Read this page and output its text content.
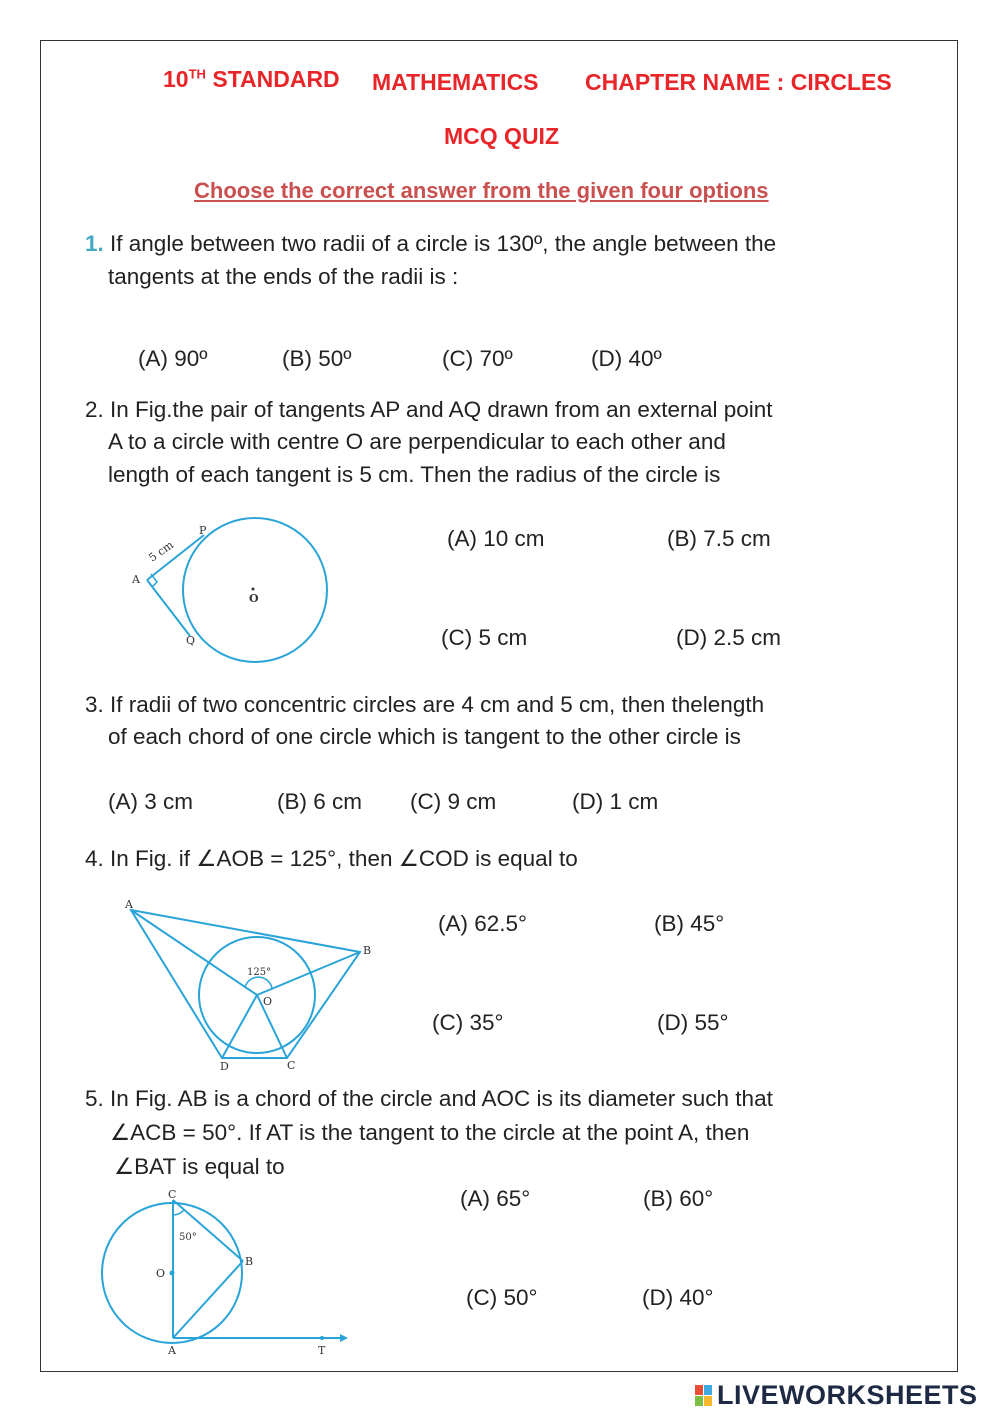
10TH STANDARD MATHEMATICS CHAPTER NAME : CIRCLES
MCQ QUIZ
Choose the correct answer from the given four options
1. If angle between two radii of a circle is 130º, the angle between the
tangents at the ends of the radii is :
(A) 90º	(B) 50º	(C) 70º	(D) 40º
2. In Fig.the pair of tangents AP and AQ drawn from an external point
A to a circle with centre O are perpendicular to each other and
length of each tangent is 5 cm. Then the radius of the circle is
5 cm
P
A
O
Q
(A) 10 cm	(B) 7.5 cm
(C) 5 cm	(D) 2.5 cm
3. If radii of two concentric circles are 4 cm and 5 cm, then thelength
of each chord of one circle which is tangent to the other circle is
(A) 3 cm	(B) 6 cm (C) 9 cm	(D) 1 cm
4. In Fig. if ∠AOB = 125°, then ∠COD is equal to
A
B
125°
O
D	C
(A) 62.5°	(B) 45°
(C) 35°	(D) 55°
5. In Fig. AB is a chord of the circle and AOC is its diameter such that
∠ACB = 50°. If AT is the tangent to the circle at the point A, then
∠BAT is equal to
C
50°
B
O
A	T
(A) 65°	(B) 60°
(C) 50°	(D) 40°
LIVEWORKSHEETS
